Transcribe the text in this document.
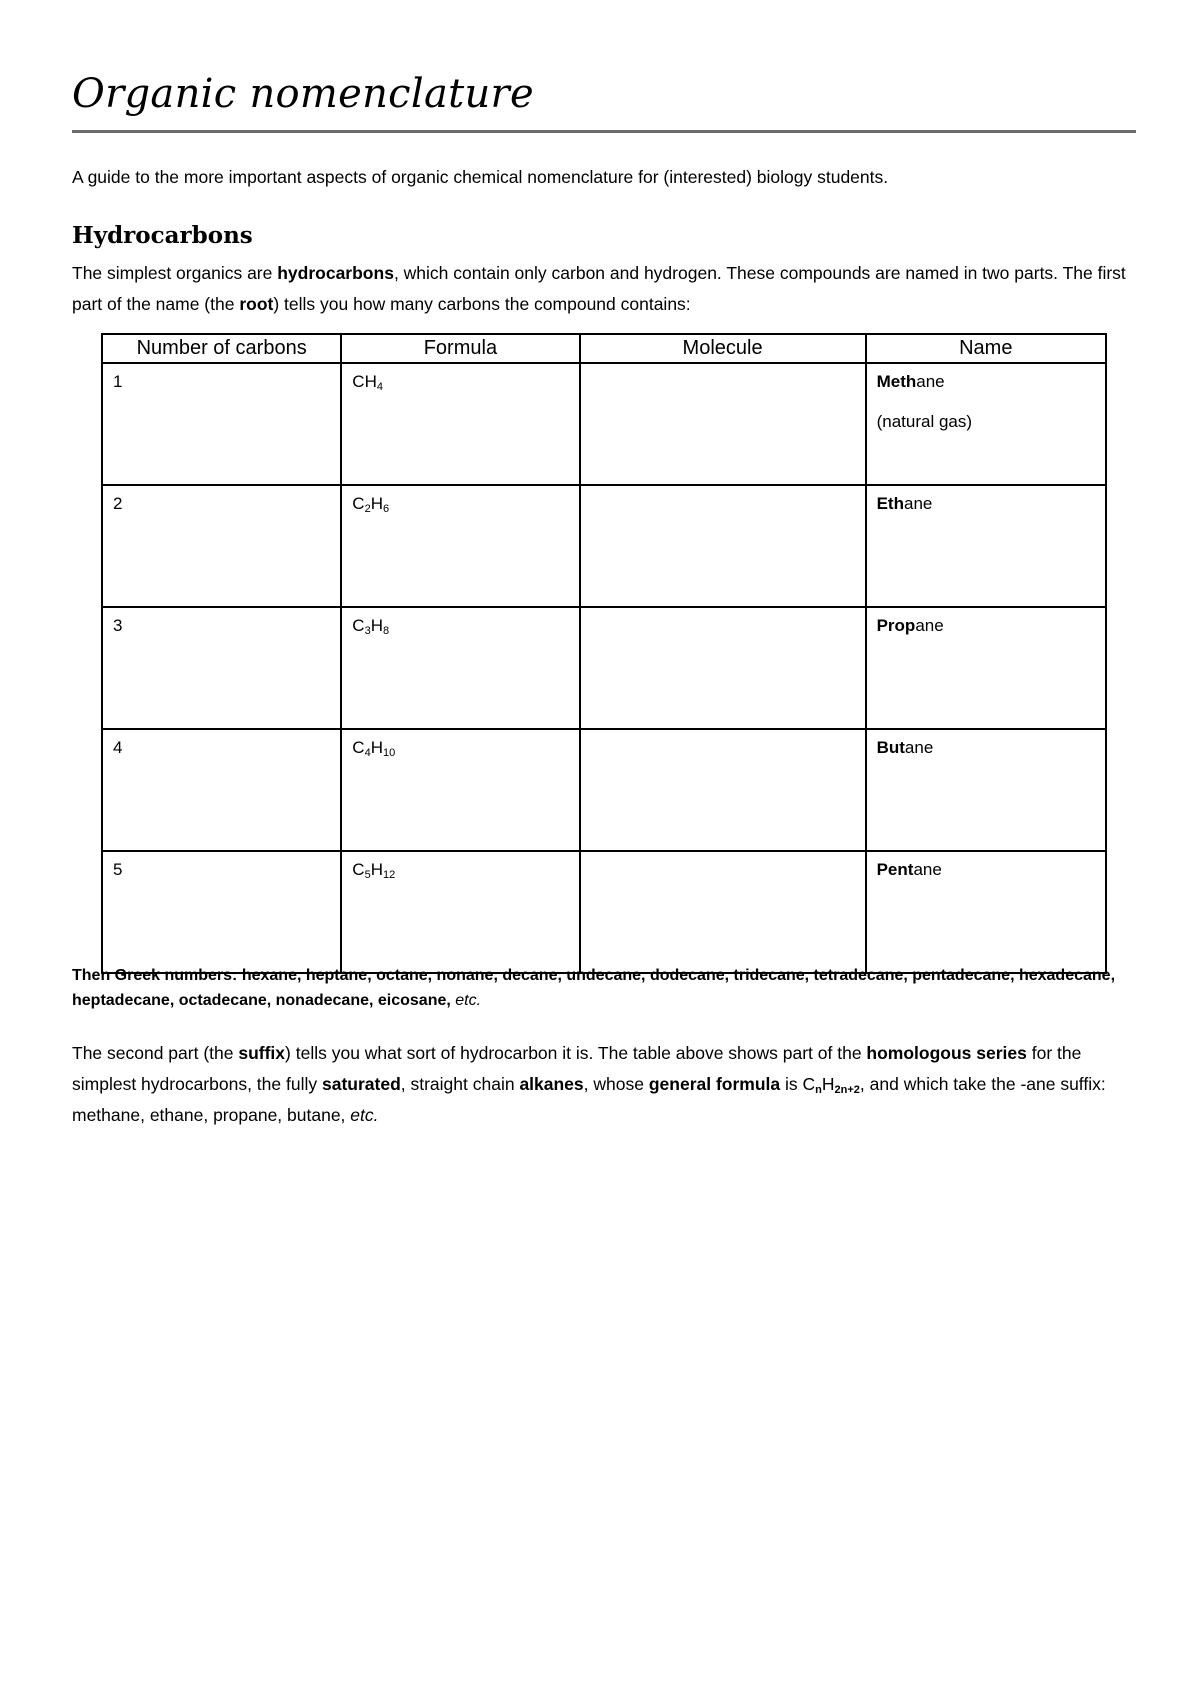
Organic nomenclature
A guide to the more important aspects of organic chemical nomenclature for (interested) biology students.
Hydrocarbons
The simplest organics are hydrocarbons, which contain only carbon and hydrogen. These compounds are named in two parts. The first part of the name (the root) tells you how many carbons the compound contains:
Number of carbons	Formula	Molecule	Name
1	$CH_4$		Methane
(natural gas)

2	$C_2H_6$		Ethane
3	$C_3H_8$		Propane
4	$C_4H_{10}$		Butane
5	$C_5H_{12}$		Pentane
Then Greek numbers: hexane, heptane, octane, nonane, decane, undecane, dodecane, tridecane, tetradecane, pentadecane, hexadecane, heptadecane, octadecane, nonadecane, eicosane, etc.
The second part (the suffix) tells you what sort of hydrocarbon it is. The table above shows part of the homologous series for the simplest hydrocarbons, the fully saturated, straight chain alkanes, whose general formula is CnH2n+2, and which take the -ane suffix: methane, ethane, propane, butane, etc.
